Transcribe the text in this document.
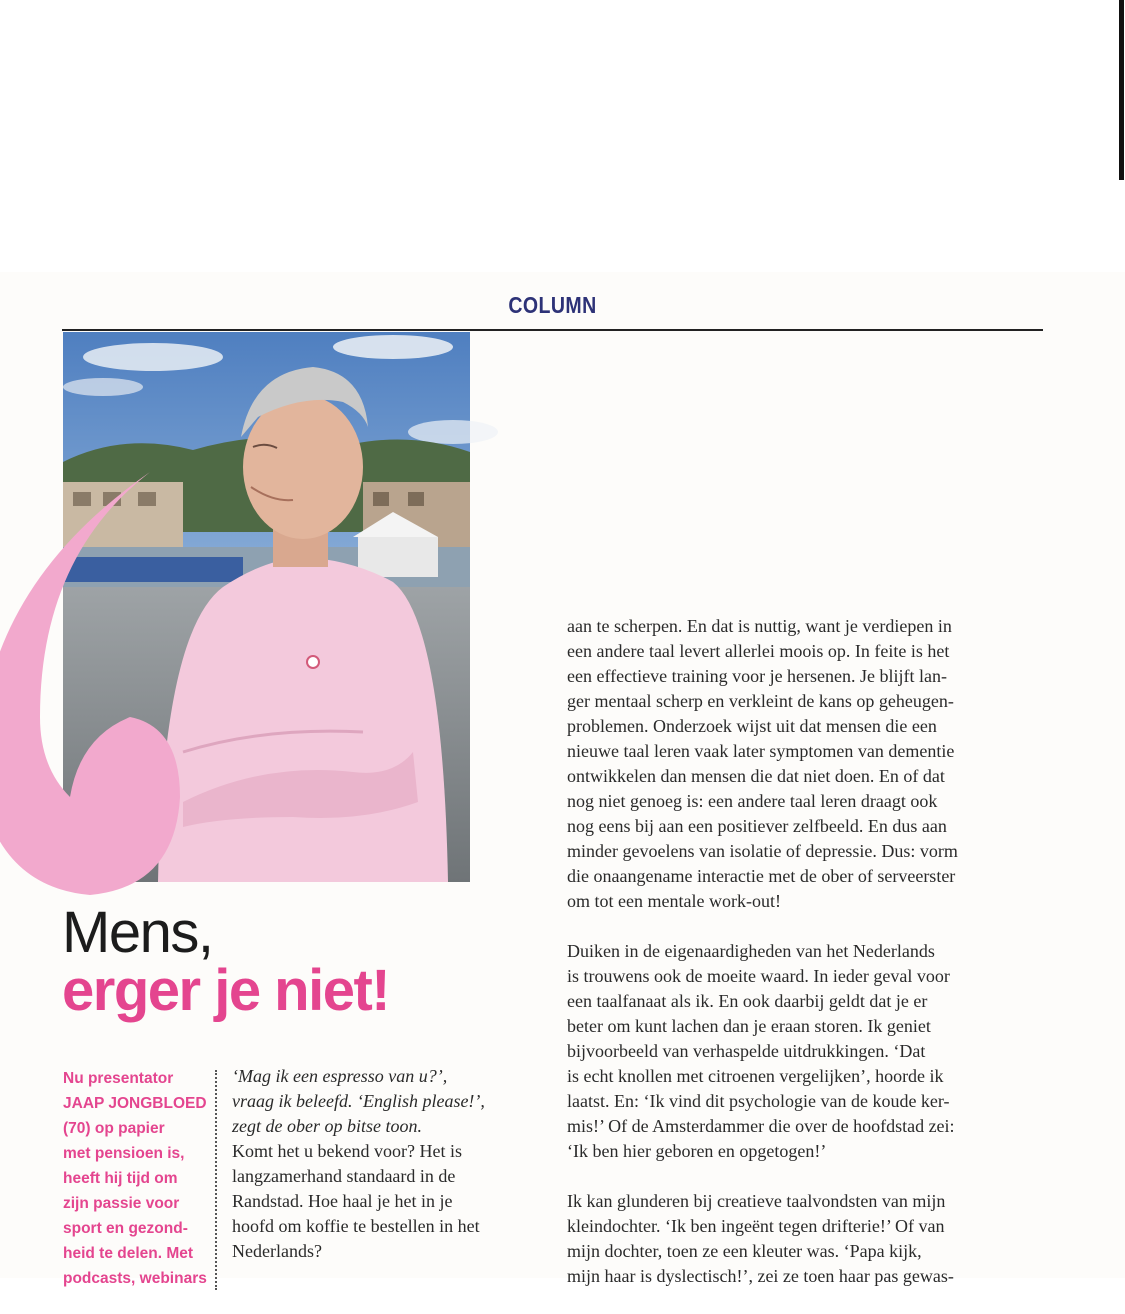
COLUMN
Mens,
erger je niet!
Nu presentator
JAAP JONGBLOED
(70) op papier
met pensioen is,
heeft hij tijd om
zijn passie voor
sport en gezond-
heid te delen. Met
podcasts, webinars
‘Mag ik een espresso van u?’,
vraag ik beleefd. ‘English please!’,
zegt de ober op bitse toon.
Komt het u bekend voor? Het is
langzamerhand standaard in de
Randstad. Hoe haal je het in je
hoofd om koffie te bestellen in het
Nederlands?

aan te scherpen. En dat is nuttig, want je verdiepen in
een andere taal levert allerlei moois op. In feite is het
een effectieve training voor je hersenen. Je blijft lan-
ger mentaal scherp en verkleint de kans op geheugen-
problemen. Onderzoek wijst uit dat mensen die een
nieuwe taal leren vaak later symptomen van dementie
ontwikkelen dan mensen die dat niet doen. En of dat
nog niet genoeg is: een andere taal leren draagt ook
nog eens bij aan een positiever zelfbeeld. En dus aan
minder gevoelens van isolatie of depressie. Dus: vorm
die onaangename interactie met de ober of serveerster
om tot een mentale work-out!

Duiken in de eigenaardigheden van het Nederlands
is trouwens ook de moeite waard. In ieder geval voor
een taalfanaat als ik. En ook daarbij geldt dat je er
beter om kunt lachen dan je eraan storen. Ik geniet
bijvoorbeeld van verhaspelde uitdrukkingen. ‘Dat
is echt knollen met citroenen vergelijken’, hoorde ik
laatst. En: ‘Ik vind dit psychologie van de koude ker-
mis!’ Of de Amsterdammer die over de hoofdstad zei:
‘Ik ben hier geboren en opgetogen!’

Ik kan glunderen bij creatieve taalvondsten van mijn
kleindochter. ‘Ik ben ingeënt tegen drifterie!’ Of van
mijn dochter, toen ze een kleuter was. ‘Papa kijk,
mijn haar is dyslectisch!’, zei ze toen haar pas gewas-
